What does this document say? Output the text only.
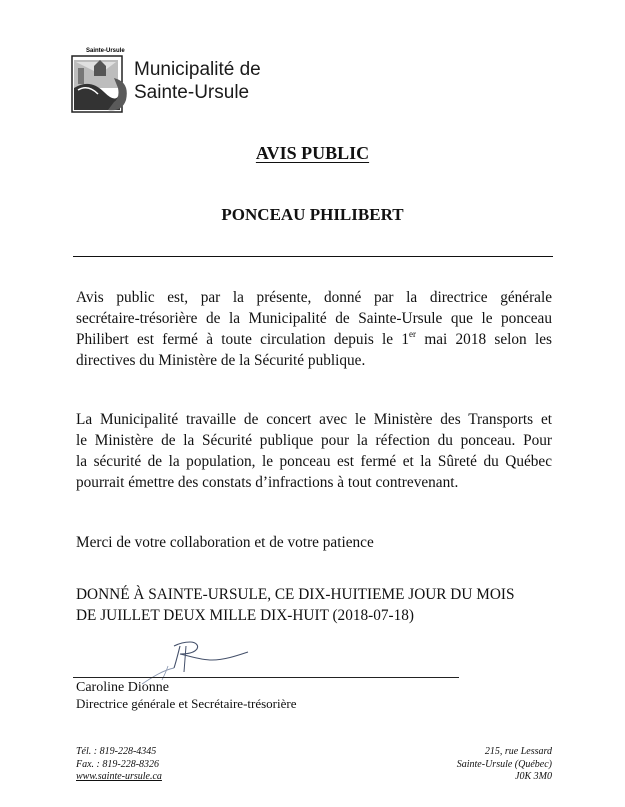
Sainte-Ursule
Municipalité de
Sainte-Ursule
AVIS PUBLIC
PONCEAU PHILIBERT
Avis public est, par la présente, donné par la directrice générale
secrétaire-trésorière de la Municipalité de Sainte-Ursule que le ponceau
Philibert est fermé à toute circulation depuis le 1er mai 2018 selon les
directives du Ministère de la Sécurité publique.
La Municipalité travaille de concert avec le Ministère des Transports et
le Ministère de la Sécurité publique pour la réfection du ponceau. Pour
la sécurité de la population, le ponceau est fermé et la Sûreté du Québec
pourrait émettre des constats d’infractions à tout contrevenant.
Merci de votre collaboration et de votre patience
DONNÉ À SAINTE-URSULE, CE DIX-HUITIEME JOUR DU MOIS
DE JUILLET DEUX MILLE DIX-HUIT (2018-07-18)
Caroline Dionne
Directrice générale et Secrétaire-trésorière
Tél. : 819-228-4345
Fax. : 819-228-8326
www.sainte-ursule.ca
215, rue Lessard
Sainte-Ursule (Québec)
J0K 3M0
